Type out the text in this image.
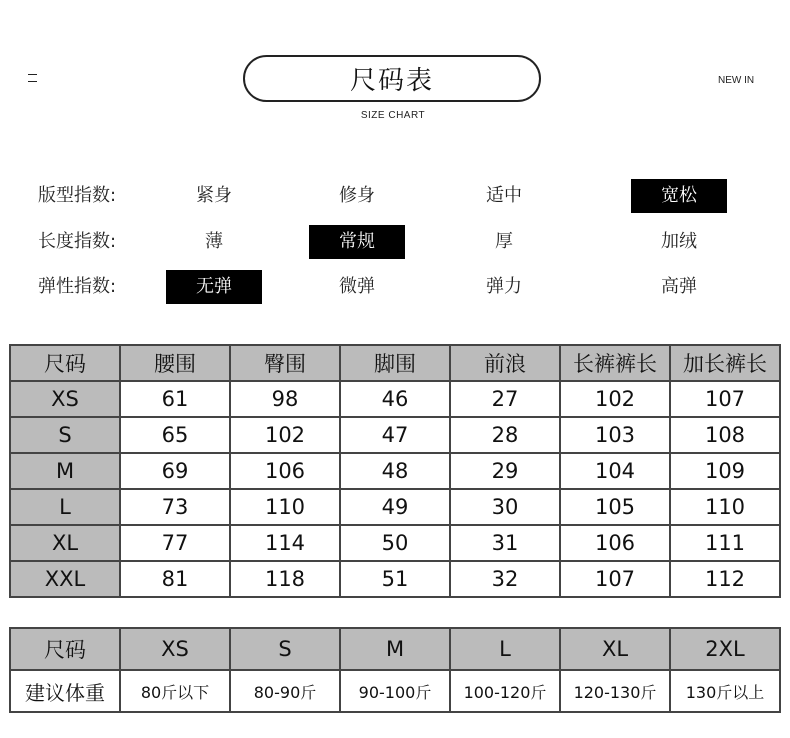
尺码表
SIZE CHART
NEW IN
版型指数:	紧身	修身	适中	宽松
长度指数:	薄	常规	厚	加绒
弹性指数:	无弹	微弹	弹力	高弹
尺码	腰围	臀围	脚围	前浪	长裤裤长	加长裤长
XS	61	98	46	27	102	107
S	65	102	47	28	103	108
M	69	106	48	29	104	109
L	73	110	49	30	105	110
XL	77	114	50	31	106	111
XXL	81	118	51	32	107	112
尺码	XS	S	M	L	XL	2XL
建议体重	80斤以下	80-90斤	90-100斤	100-120斤	120-130斤	130斤以上
